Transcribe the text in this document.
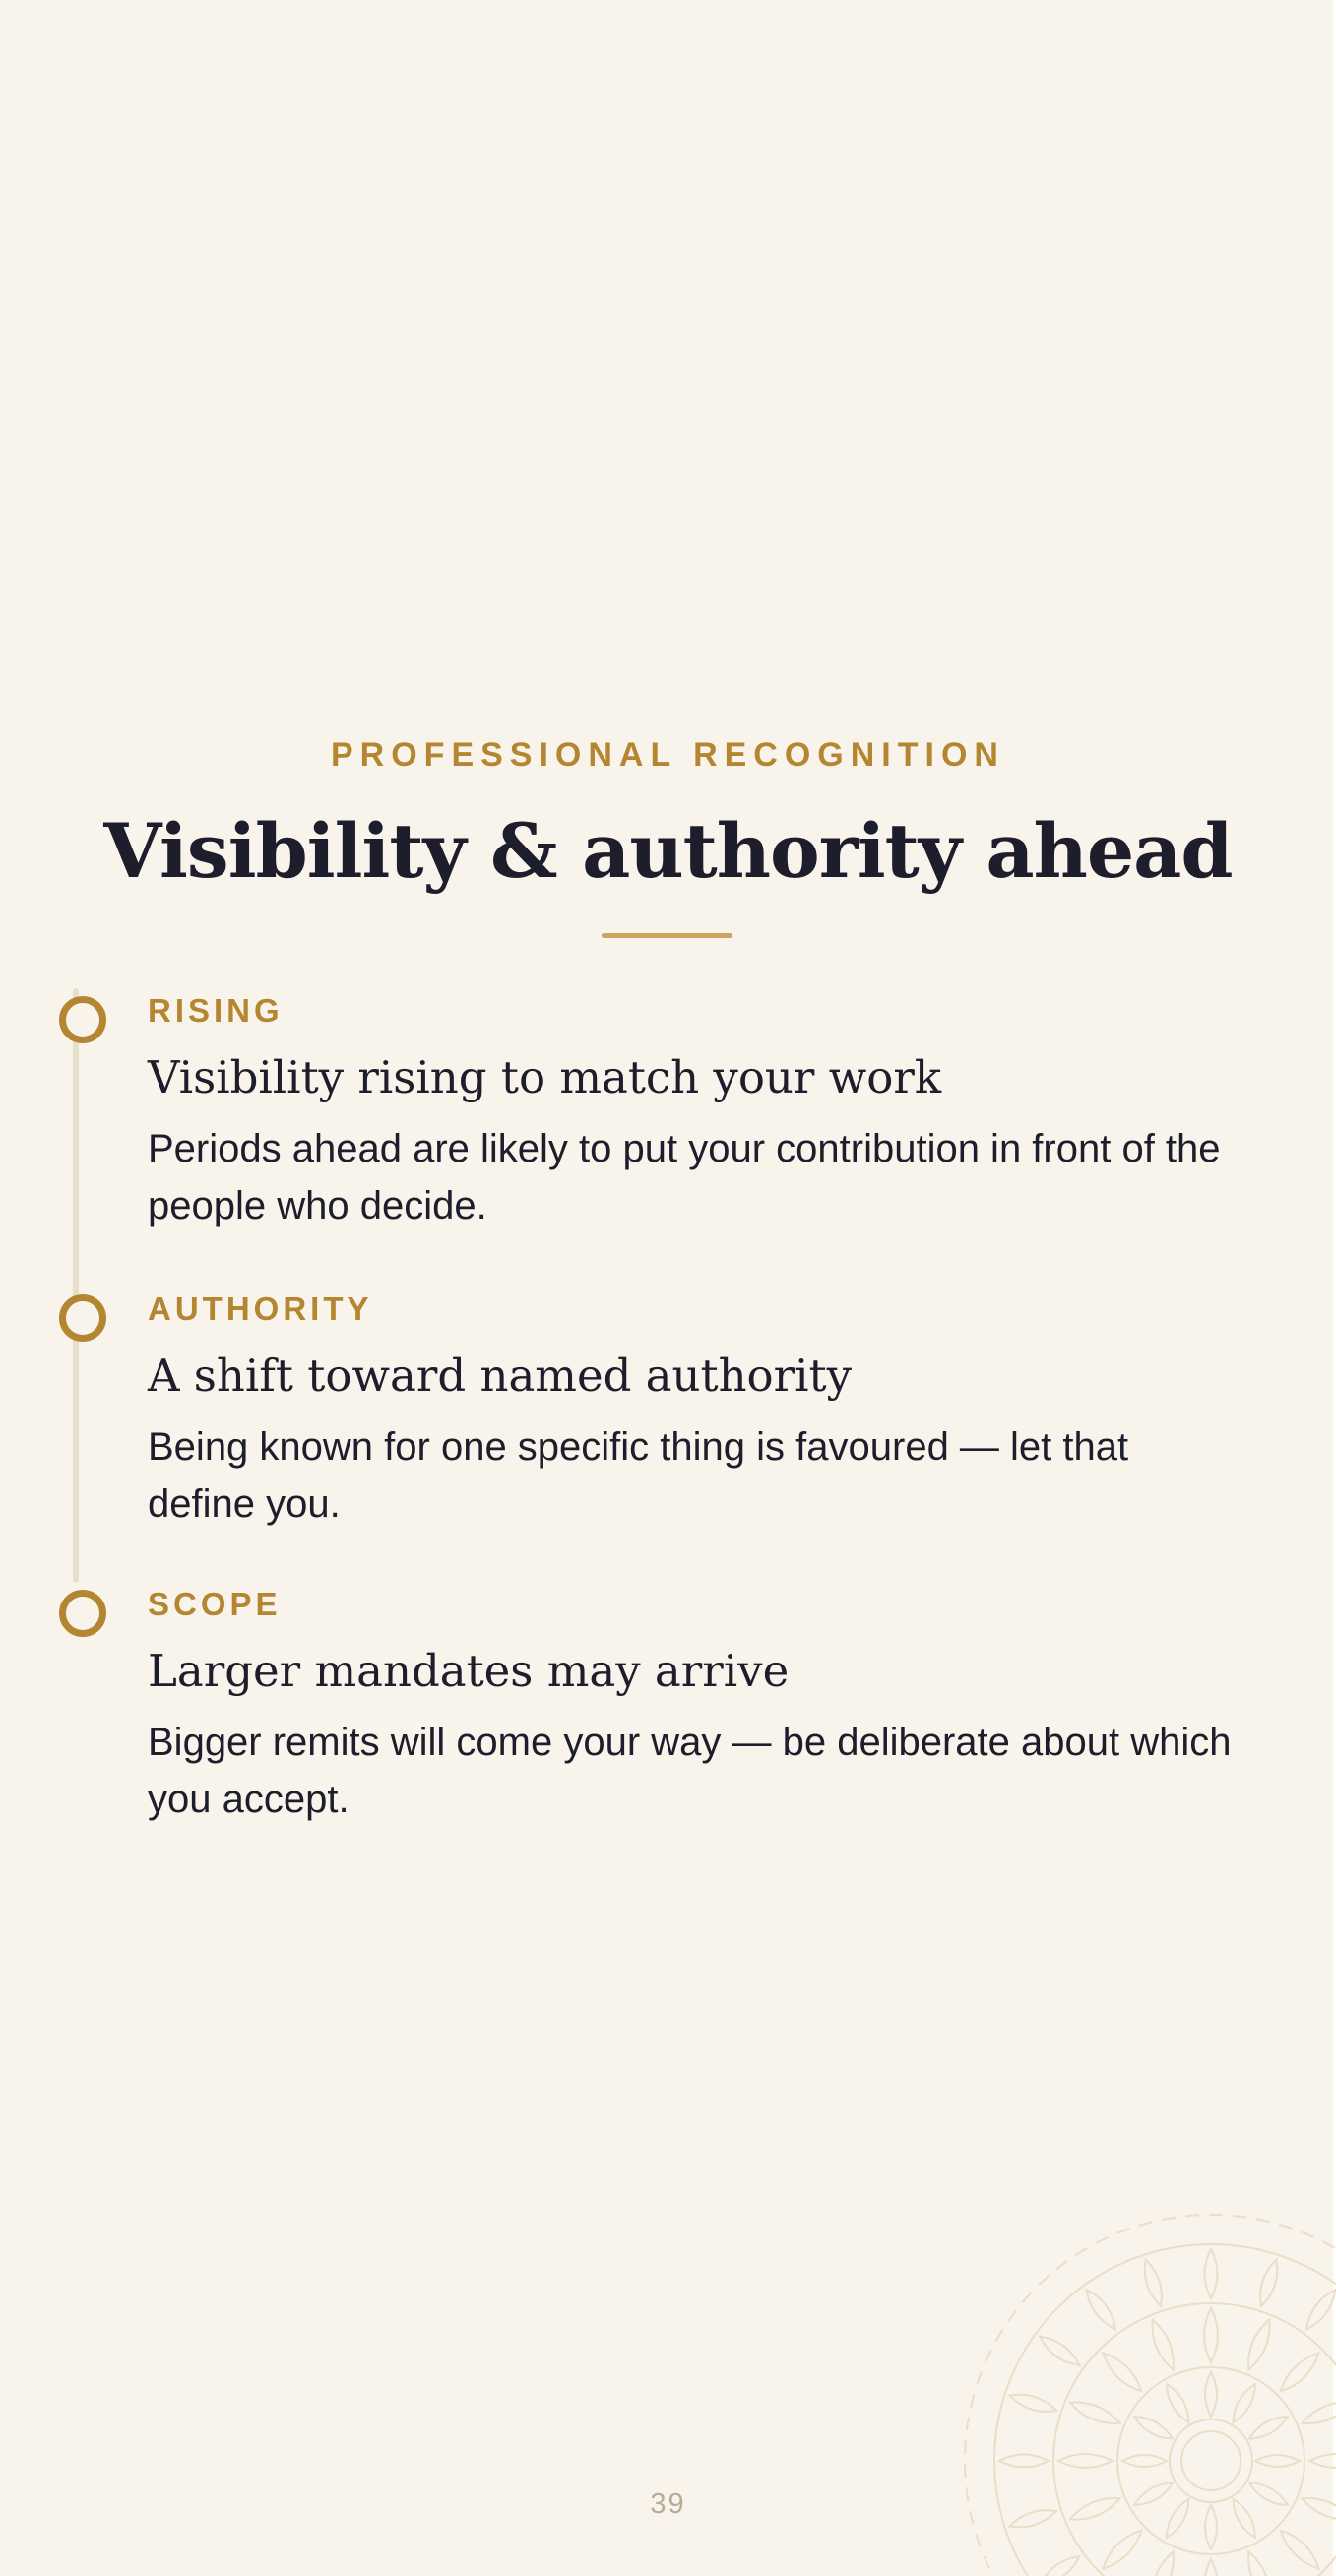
PROFESSIONAL RECOGNITION
Visibility & authority ahead
RISING
Visibility rising to match your work
Periods ahead are likely to put your contribution in front of the people who decide.
AUTHORITY
A shift toward named authority
Being known for one specific thing is favoured — let that define you.
SCOPE
Larger mandates may arrive
Bigger remits will come your way — be deliberate about which you accept.
39
